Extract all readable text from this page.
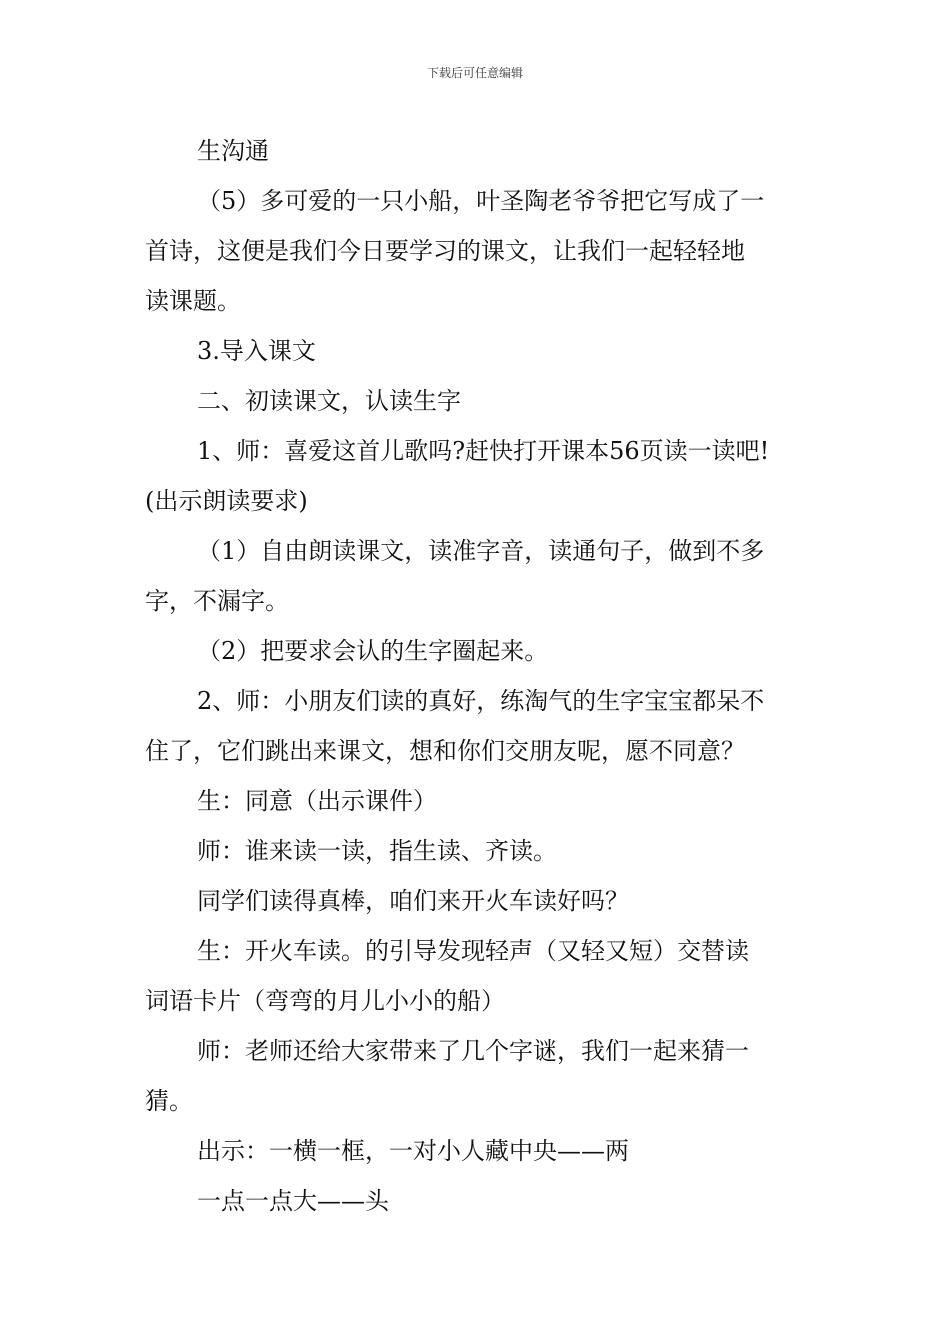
下载后可任意编辑
生沟通
（5）多可爱的一只小船，叶圣陶老爷爷把它写成了一
首诗，这便是我们今日要学习的课文，让我们一起轻轻地
读课题。
3.导入课文
二、初读课文，认读生字
1、师：喜爱这首儿歌吗?赶快打开课本56页读一读吧!
(出示朗读要求)
（1）自由朗读课文，读准字音，读通句子，做到不多
字，不漏字。
（2）把要求会认的生字圈起来。
2、师：小朋友们读的真好，练淘气的生字宝宝都呆不
住了，它们跳出来课文，想和你们交朋友呢，愿不同意？
生：同意（出示课件）
师：谁来读一读，指生读、齐读。
同学们读得真棒，咱们来开火车读好吗？
生：开火车读。的引导发现轻声（又轻又短）交替读
词语卡片（弯弯的月儿小小的船）
师：老师还给大家带来了几个字谜，我们一起来猜一
猜。
出示：一横一框，一对小人藏中央——两
一点一点大——头
